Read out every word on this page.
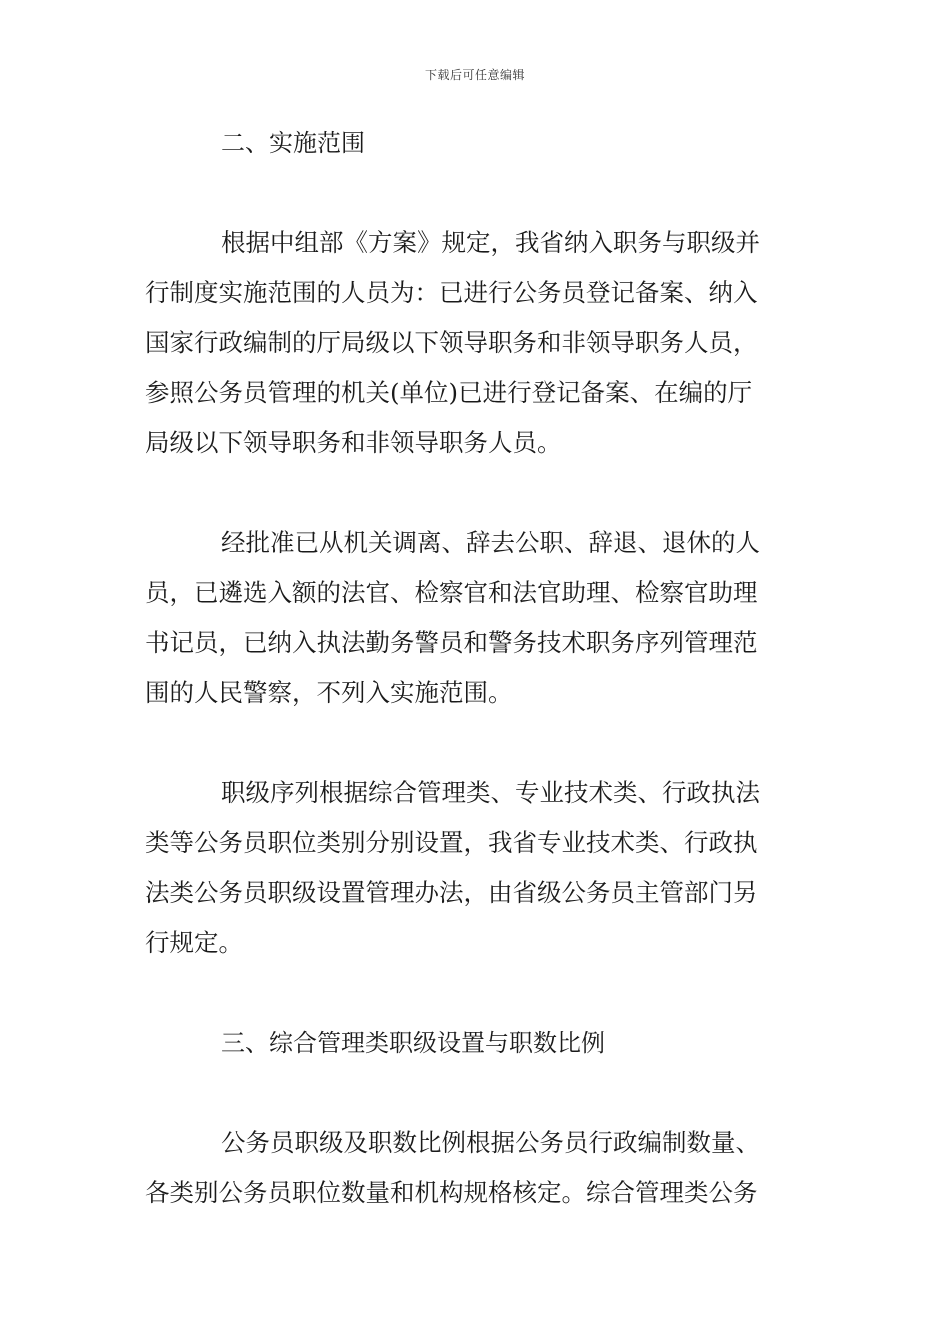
下载后可任意编辑
二、实施范围

根据中组部《方案》规定，我省纳入职务与职级并
行制度实施范围的人员为：已进行公务员登记备案、纳入
国家行政编制的厅局级以下领导职务和非领导职务人员，
参照公务员管理的机关(单位)已进行登记备案、在编的厅
局级以下领导职务和非领导职务人员。

经批准已从机关调离、辞去公职、辞退、退休的人
员，已遴选入额的法官、检察官和法官助理、检察官助理
书记员，已纳入执法勤务警员和警务技术职务序列管理范
围的人民警察，不列入实施范围。

职级序列根据综合管理类、专业技术类、行政执法
类等公务员职位类别分别设置，我省专业技术类、行政执
法类公务员职级设置管理办法，由省级公务员主管部门另
行规定。

三、综合管理类职级设置与职数比例

公务员职级及职数比例根据公务员行政编制数量、
各类别公务员职位数量和机构规格核定。综合管理类公务
